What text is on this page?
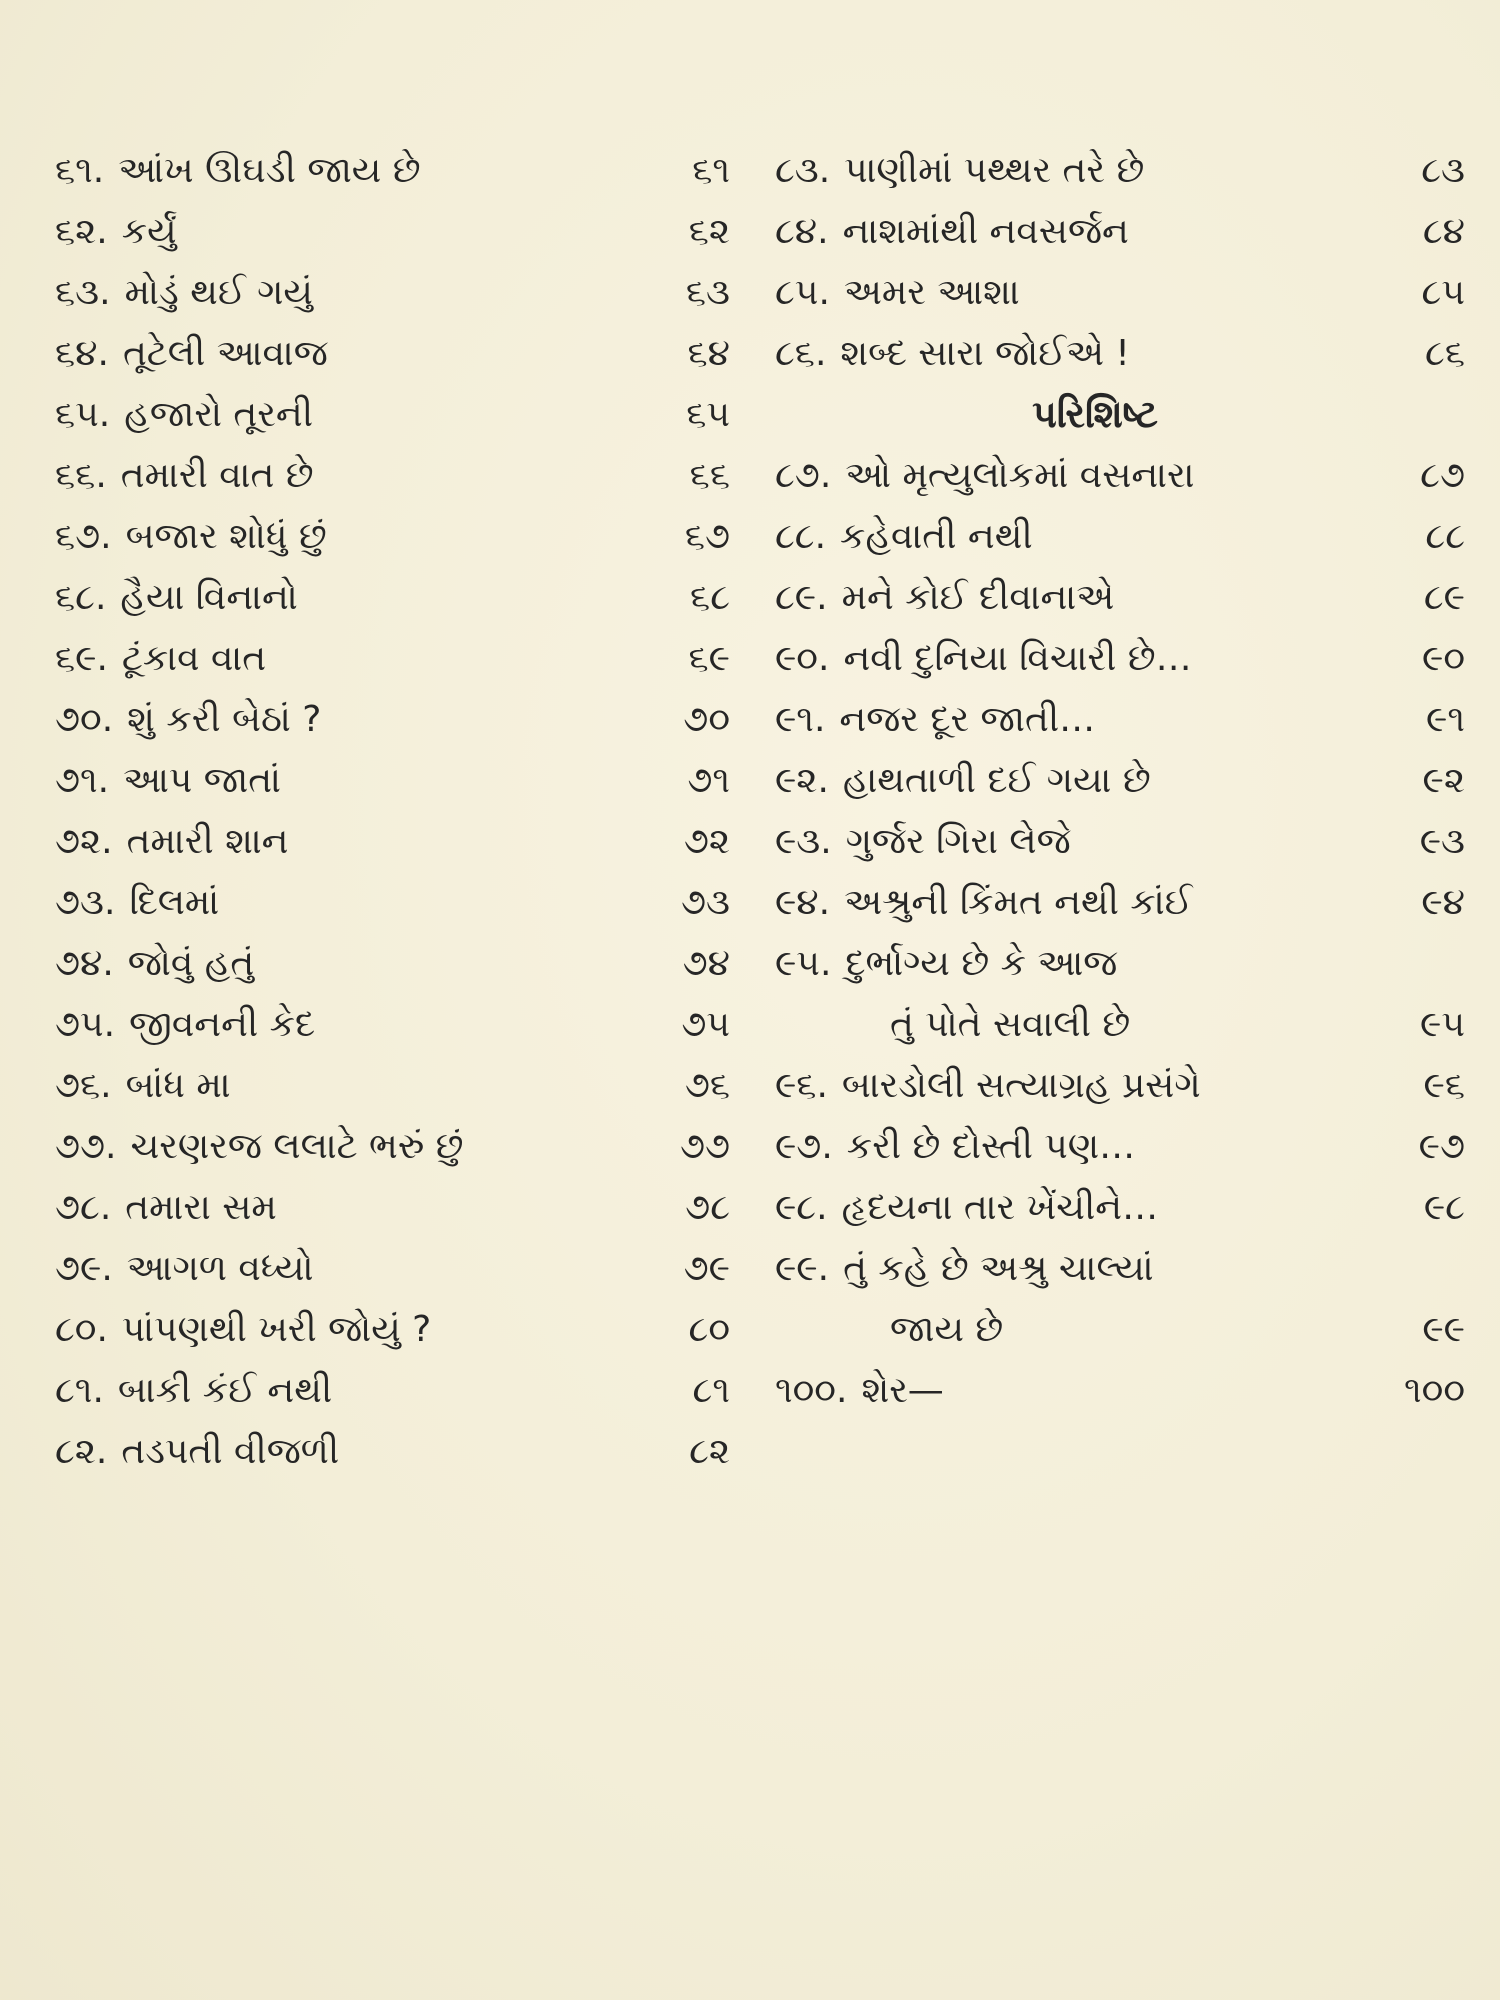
૬૧. આંખ ઊઘડી જાય છે	૬૧
૬૨. કર્યું	૬૨
૬૩. મોડું થઈ ગયું	૬૩
૬૪. તૂટેલી આવાજ	૬૪
૬૫. હજારો તૂરની	૬૫
૬૬. તમારી વાત છે	૬૬
૬૭. બજાર શોધું છું	૬૭
૬૮. હૈયા વિનાનો	૬૮
૬૯. ટૂંકાવ વાત	૬૯
૭૦. શું કરી બેઠાં ?	૭૦
૭૧. આપ જાતાં	૭૧
૭૨. તમારી શાન	૭૨
૭૩. દિલમાં	૭૩
૭૪. જોવું હતું	૭૪
૭૫. જીવનની કેદ	૭૫
૭૬. બાંધ મા	૭૬
૭૭. ચરણરજ લલાટે ભરું છું	૭૭
૭૮. તમારા સમ	૭૮
૭૯. આગળ વધ્યો	૭૯
૮૦. પાંપણથી ખરી જોયું ?	૮૦
૮૧. બાકી કંઈ નથી	૮૧
૮૨. તડપતી વીજળી	૮૨
૮૩. પાણીમાં પથ્થર તરે છે	૮૩
૮૪. નાશમાંથી નવસર્જન	૮૪
૮૫. અમર આશા	૮૫
૮૬. શબ્દ સારા જોઈએ !	૮૬
પરિશિષ્ટ
૮૭. ઓ મૃત્યુલોકમાં વસનારા	૮૭
૮૮. કહેવાતી નથી	૮૮
૮૯. મને કોઈ દીવાનાએ	૮૯
૯૦. નવી દુનિયા વિચારી છે…	૯૦
૯૧. નજર દૂર જાતી…	૯૧
૯૨. હાથતાળી દઈ ગયા છે	૯૨
૯૩. ગુર્જર ગિરા લેજે	૯૩
૯૪. અશ્રુની કિંમત નથી કાંઈ	૯૪
૯૫. દુર્ભાગ્ય છે કે આજ
તું પોતે સવાલી છે	૯૫
૯૬. બારડોલી સત્યાગ્રહ પ્રસંગે	૯૬
૯૭. કરી છે દોસ્તી પણ…	૯૭
૯૮. હૃદયના તાર ખેંચીને…	૯૮
૯૯. તું કહે છે અશ્રુ ચાલ્યાં
જાય છે	૯૯
૧૦૦. શેર—	૧૦૦
